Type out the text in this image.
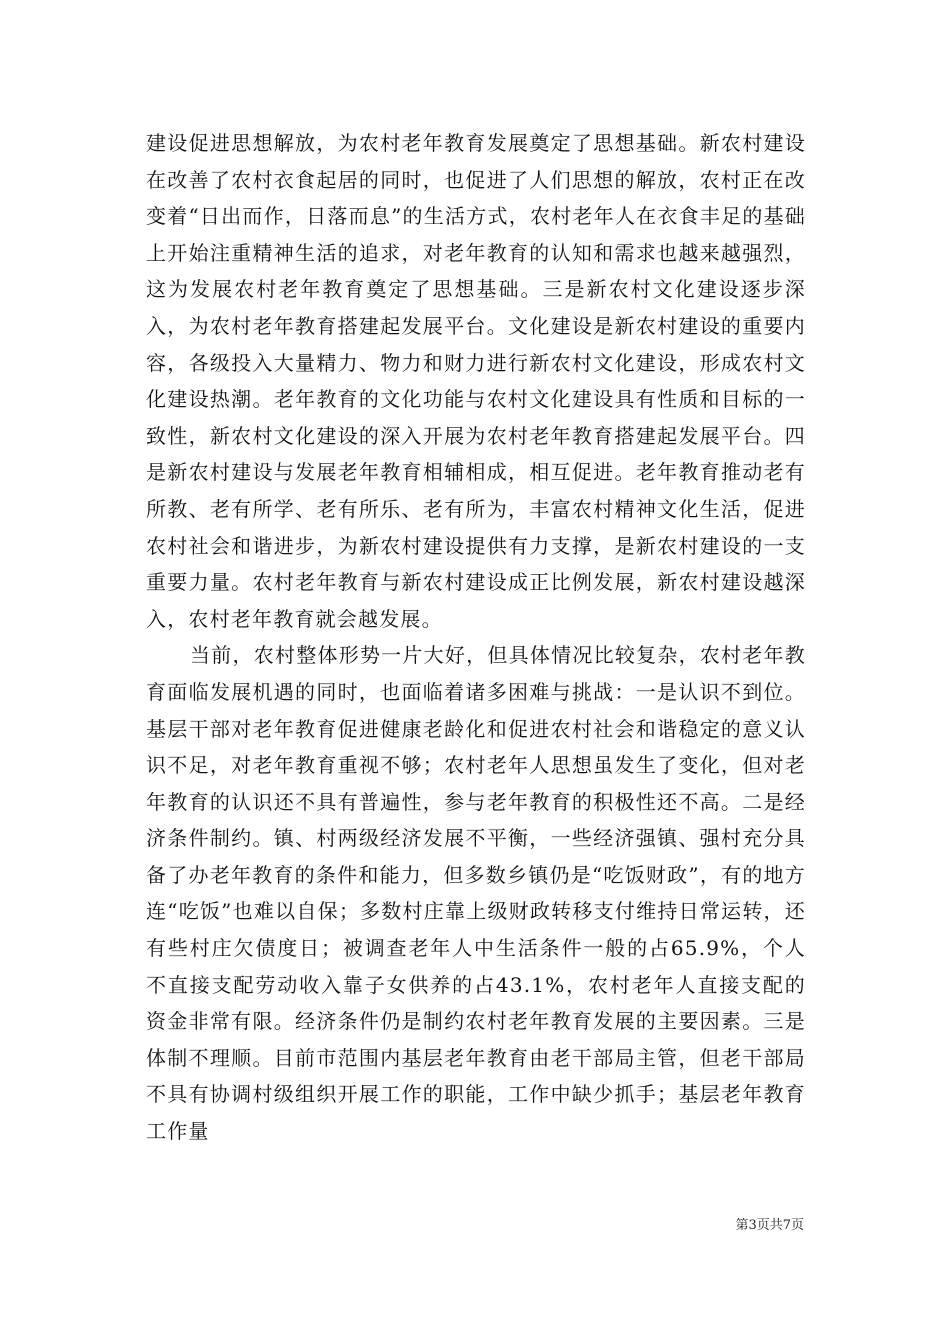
建设促进思想解放，为农村老年教育发展奠定了思想基础。新农村建设在改善了农村衣食起居的同时，也促进了人们思想的解放，农村正在改变着“日出而作，日落而息”的生活方式，农村老年人在衣食丰足的基础上开始注重精神生活的追求，对老年教育的认知和需求也越来越强烈，这为发展农村老年教育奠定了思想基础。三是新农村文化建设逐步深入，为农村老年教育搭建起发展平台。文化建设是新农村建设的重要内容，各级投入大量精力、物力和财力进行新农村文化建设，形成农村文化建设热潮。老年教育的文化功能与农村文化建设具有性质和目标的一致性，新农村文化建设的深入开展为农村老年教育搭建起发展平台。四是新农村建设与发展老年教育相辅相成，相互促进。老年教育推动老有所教、老有所学、老有所乐、老有所为，丰富农村精神文化生活，促进农村社会和谐进步，为新农村建设提供有力支撑，是新农村建设的一支重要力量。农村老年教育与新农村建设成正比例发展，新农村建设越深入，农村老年教育就会越发展。

当前，农村整体形势一片大好，但具体情况比较复杂，农村老年教育面临发展机遇的同时，也面临着诸多困难与挑战：一是认识不到位。基层干部对老年教育促进健康老龄化和促进农村社会和谐稳定的意义认识不足，对老年教育重视不够；农村老年人思想虽发生了变化，但对老年教育的认识还不具有普遍性，参与老年教育的积极性还不高。二是经济条件制约。镇、村两级经济发展不平衡，一些经济强镇、强村充分具备了办老年教育的条件和能力，但多数乡镇仍是“吃饭财政”，有的地方连“吃饭”也难以自保；多数村庄靠上级财政转移支付维持日常运转，还有些村庄欠债度日；被调查老年人中生活条件一般的占65.9%，个人不直接支配劳动收入靠子女供养的占43.1%，农村老年人直接支配的资金非常有限。经济条件仍是制约农村老年教育发展的主要因素。三是体制不理顺。目前市范围内基层老年教育由老干部局主管，但老干部局不具有协调村级组织开展工作的职能，工作中缺少抓手；基层老年教育工作量

第3页共7页
